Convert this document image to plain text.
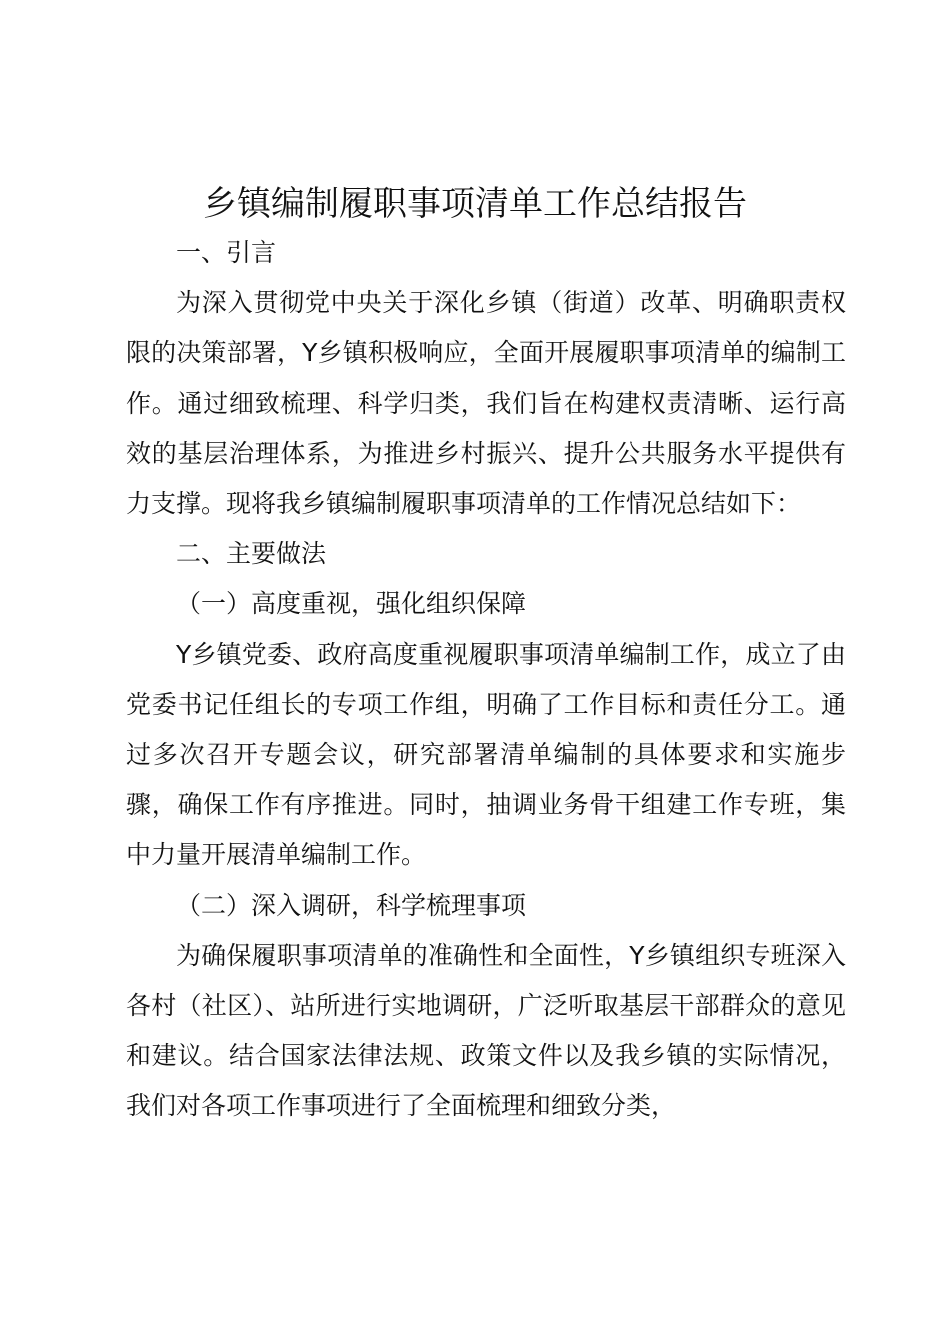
乡镇编制履职事项清单工作总结报告

一、引言

为深入贯彻党中央关于深化乡镇（街道）改革、明确职责权限的决策部署，Y乡镇积极响应，全面开展履职事项清单的编制工作。通过细致梳理、科学归类，我们旨在构建权责清晰、运行高效的基层治理体系，为推进乡村振兴、提升公共服务水平提供有力支撑。现将我乡镇编制履职事项清单的工作情况总结如下：

二、主要做法

（一）高度重视，强化组织保障

Y乡镇党委、政府高度重视履职事项清单编制工作，成立了由党委书记任组长的专项工作组，明确了工作目标和责任分工。通过多次召开专题会议，研究部署清单编制的具体要求和实施步骤，确保工作有序推进。同时，抽调业务骨干组建工作专班，集中力量开展清单编制工作。

（二）深入调研，科学梳理事项

为确保履职事项清单的准确性和全面性，Y乡镇组织专班深入各村（社区）、站所进行实地调研，广泛听取基层干部群众的意见和建议。结合国家法律法规、政策文件以及我乡镇的实际情况，我们对各项工作事项进行了全面梳理和细致分类，
